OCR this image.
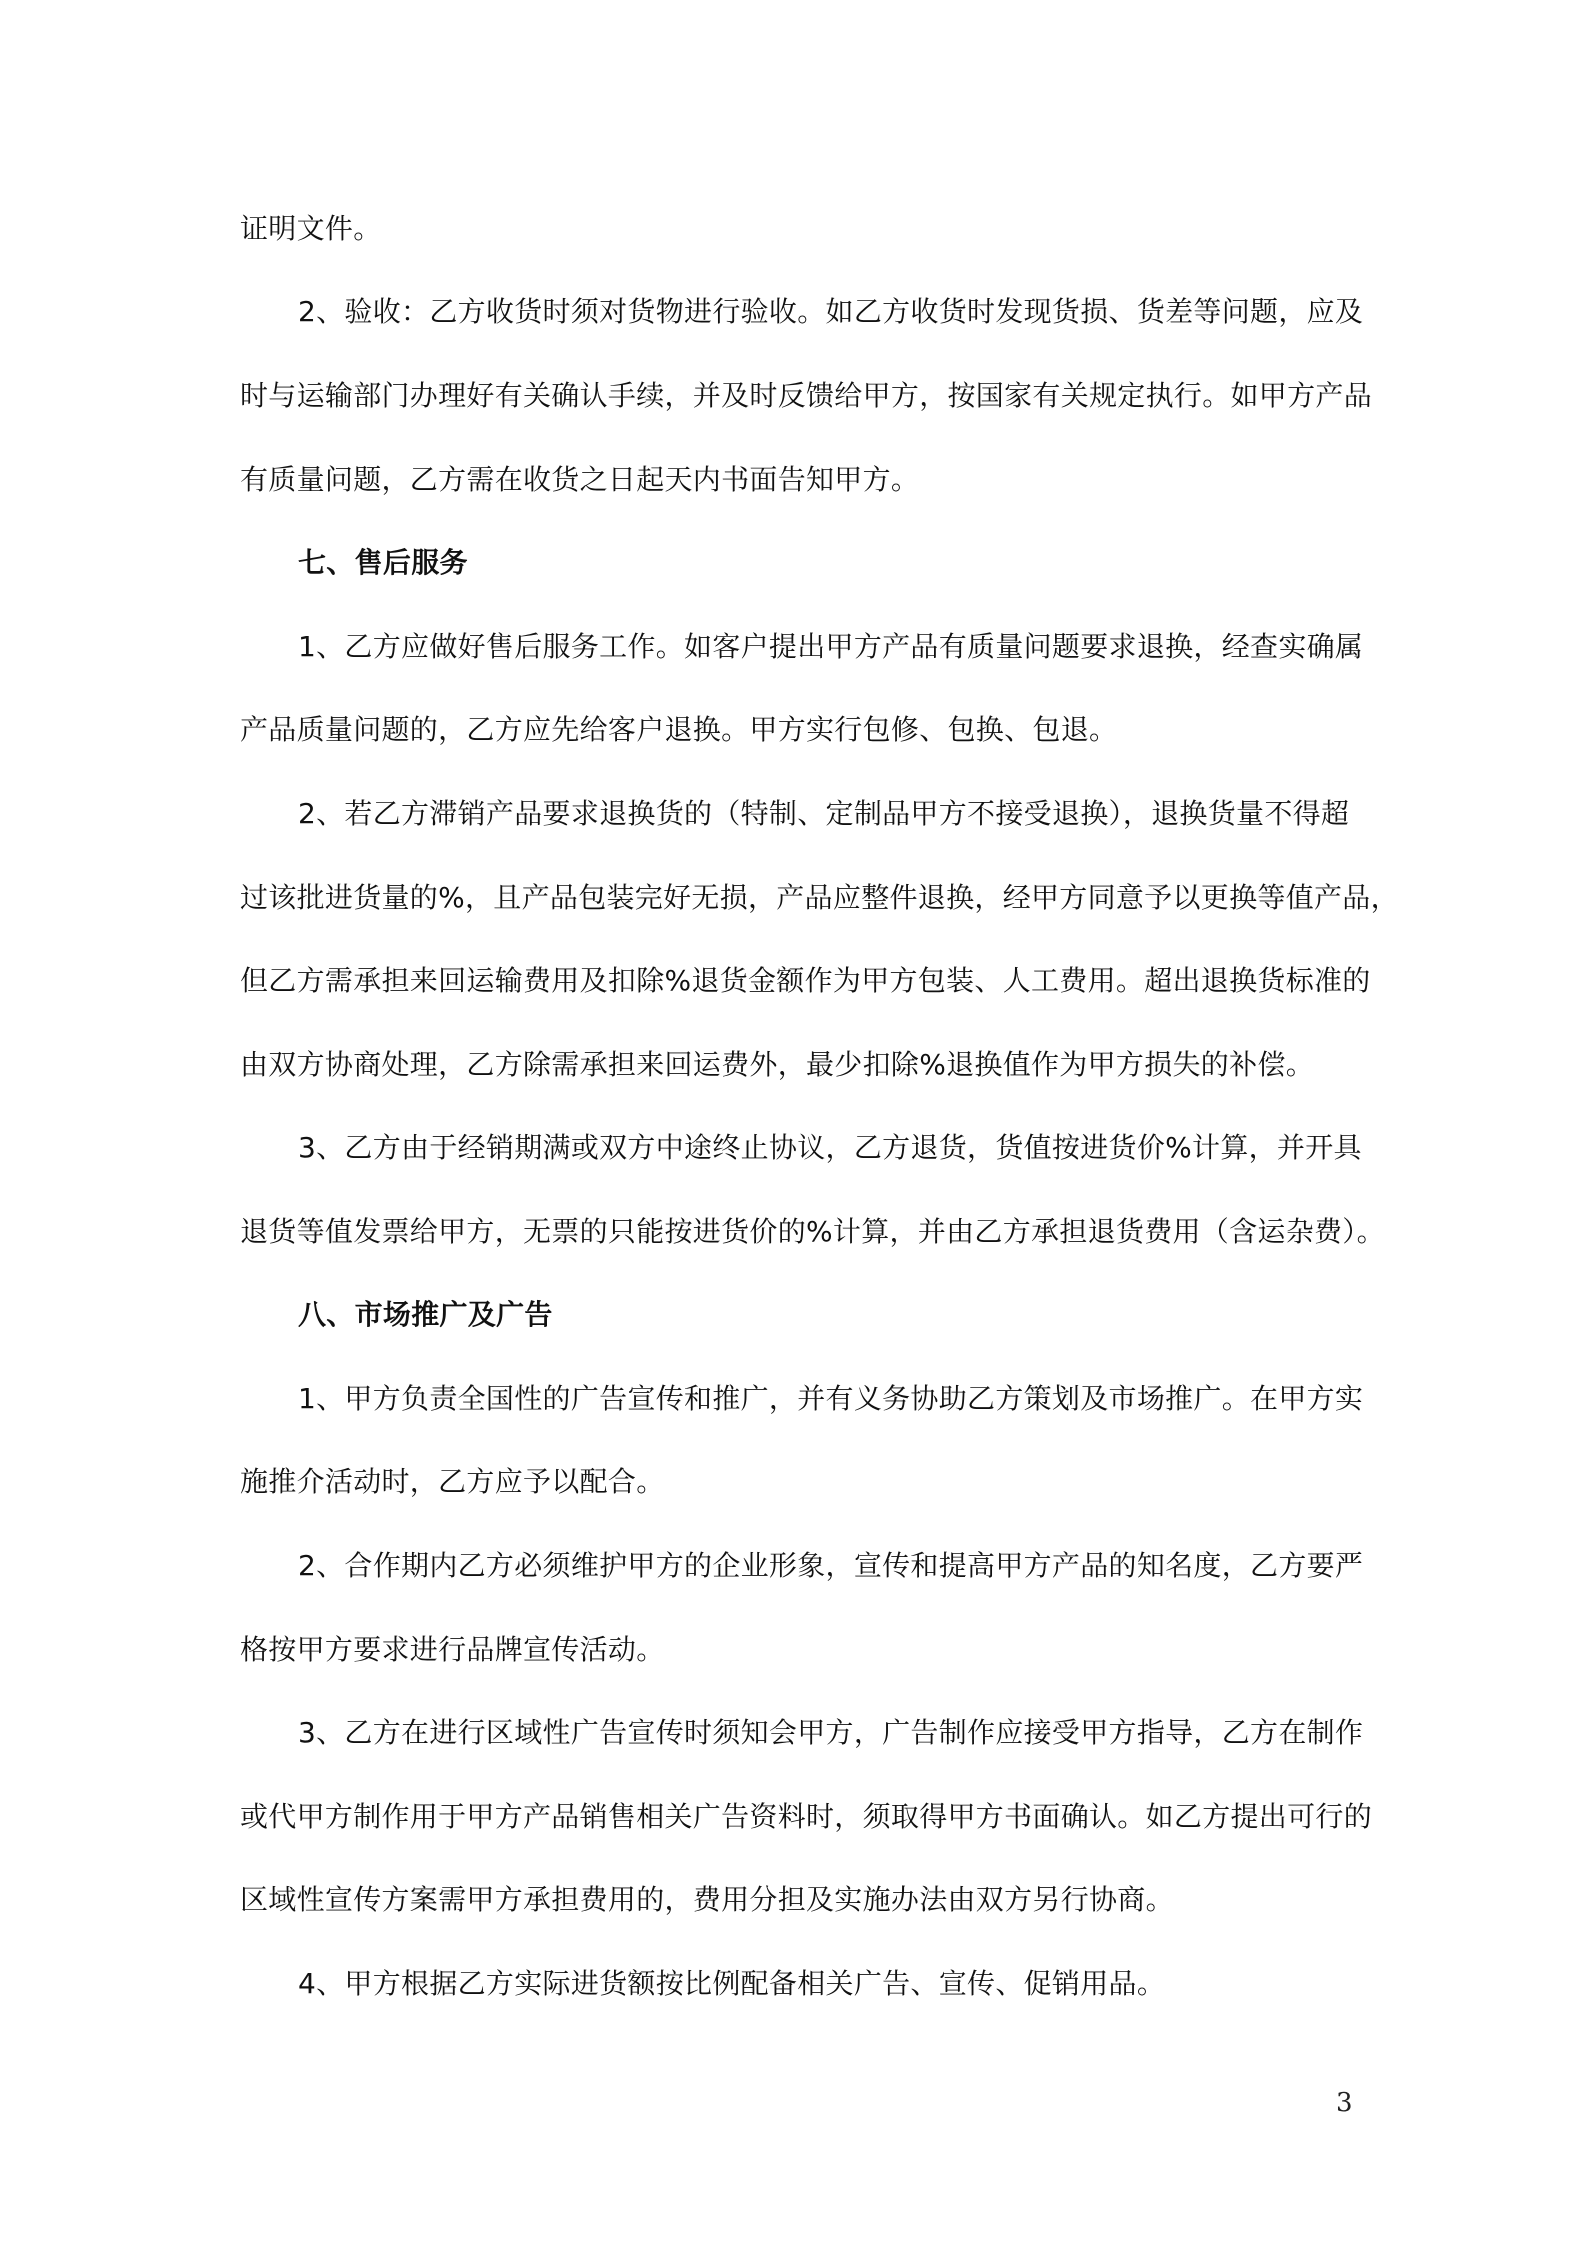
证明文件。
2、验收：乙方收货时须对货物进行验收。如乙方收货时发现货损、货差等问题，应及
时与运输部门办理好有关确认手续，并及时反馈给甲方，按国家有关规定执行。如甲方产品
有质量问题，乙方需在收货之日起天内书面告知甲方。
七、售后服务
1、乙方应做好售后服务工作。如客户提出甲方产品有质量问题要求退换，经查实确属
产品质量问题的，乙方应先给客户退换。甲方实行包修、包换、包退。
2、若乙方滞销产品要求退换货的（特制、定制品甲方不接受退换），退换货量不得超
过该批进货量的%，且产品包装完好无损，产品应整件退换，经甲方同意予以更换等值产品，
但乙方需承担来回运输费用及扣除%退货金额作为甲方包装、人工费用。超出退换货标准的
由双方协商处理，乙方除需承担来回运费外，最少扣除%退换值作为甲方损失的补偿。
3、乙方由于经销期满或双方中途终止协议，乙方退货，货值按进货价%计算，并开具
退货等值发票给甲方，无票的只能按进货价的%计算，并由乙方承担退货费用（含运杂费）。
八、市场推广及广告
1、甲方负责全国性的广告宣传和推广，并有义务协助乙方策划及市场推广。在甲方实
施推介活动时，乙方应予以配合。
2、合作期内乙方必须维护甲方的企业形象，宣传和提高甲方产品的知名度，乙方要严
格按甲方要求进行品牌宣传活动。
3、乙方在进行区域性广告宣传时须知会甲方，广告制作应接受甲方指导，乙方在制作
或代甲方制作用于甲方产品销售相关广告资料时，须取得甲方书面确认。如乙方提出可行的
区域性宣传方案需甲方承担费用的，费用分担及实施办法由双方另行协商。
4、甲方根据乙方实际进货额按比例配备相关广告、宣传、促销用品。
3
